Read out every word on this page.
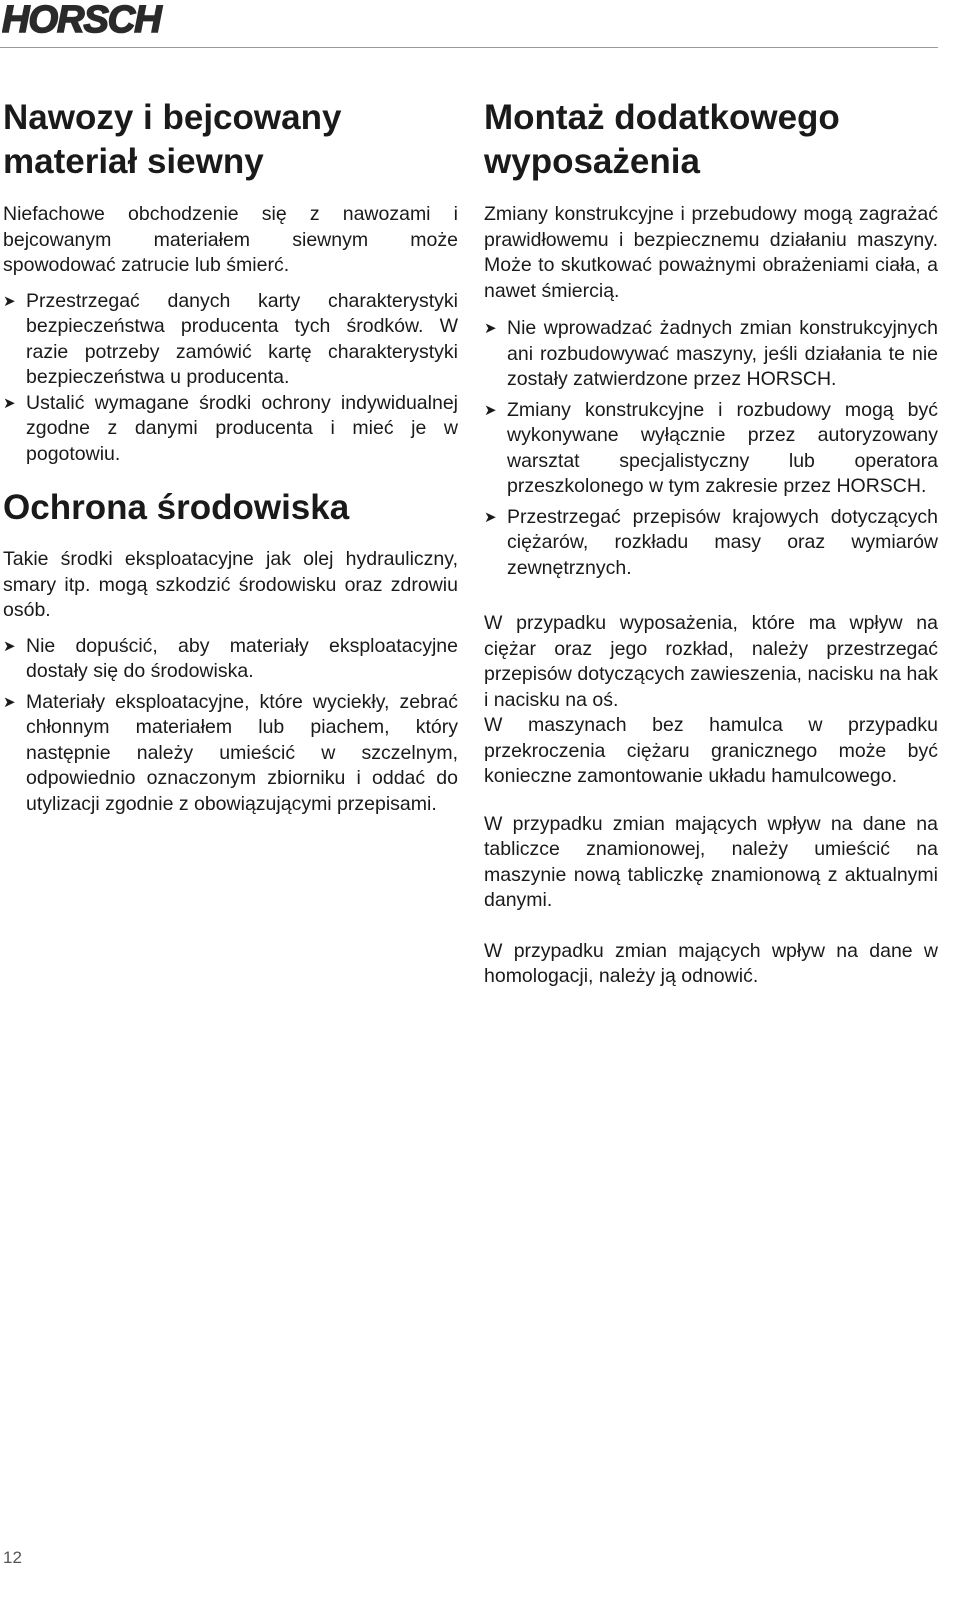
HORSCH
Nawozy i bejcowany materiał siewny

Niefachowe obchodzenie się z nawozami i bejcowanym materiałem siewnym może spowodować zatrucie lub śmierć.

➤ Przestrzegać danych karty charakterystyki bezpieczeństwa producenta tych środków. W razie potrzeby zamówić kartę charakterystyki bezpieczeństwa u producenta.
➤ Ustalić wymagane środki ochrony indywidualnej zgodne z danymi producenta i mieć je w pogotowiu.
Ochrona środowiska

Takie środki eksploatacyjne jak olej hydrauliczny, smary itp. mogą szkodzić środowisku oraz zdrowiu osób.

➤ Nie dopuścić, aby materiały eksploatacyjne dostały się do środowiska.
➤ Materiały eksploatacyjne, które wyciekły, zebrać chłonnym materiałem lub piachem, który następnie należy umieścić w szczelnym, odpowiednio oznaczonym zbiorniku i oddać do utylizacji zgodnie z obowiązującymi przepisami.
Montaż dodatkowego wyposażenia

Zmiany konstrukcyjne i przebudowy mogą zagrażać prawidłowemu i bezpiecznemu działaniu maszyny. Może to skutkować poważnymi obrażeniami ciała, a nawet śmiercią.

➤ Nie wprowadzać żadnych zmian konstrukcyjnych ani rozbudowywać maszyny, jeśli działania te nie zostały zatwierdzone przez HORSCH.
➤ Zmiany konstrukcyjne i rozbudowy mogą być wykonywane wyłącznie przez autoryzowany warsztat specjalistyczny lub operatora przeszkolonego w tym zakresie przez HORSCH.
➤ Przestrzegać przepisów krajowych dotyczących ciężarów, rozkładu masy oraz wymiarów zewnętrznych.

W przypadku wyposażenia, które ma wpływ na ciężar oraz jego rozkład, należy przestrzegać przepisów dotyczących zawieszenia, nacisku na hak i nacisku na oś.

W maszynach bez hamulca w przypadku przekroczenia ciężaru granicznego może być konieczne zamontowanie układu hamulcowego.

W przypadku zmian mających wpływ na dane na tabliczce znamionowej, należy umieścić na maszynie nową tabliczkę znamionową z aktualnymi danymi.

W przypadku zmian mających wpływ na dane w homologacji, należy ją odnowić.

12
